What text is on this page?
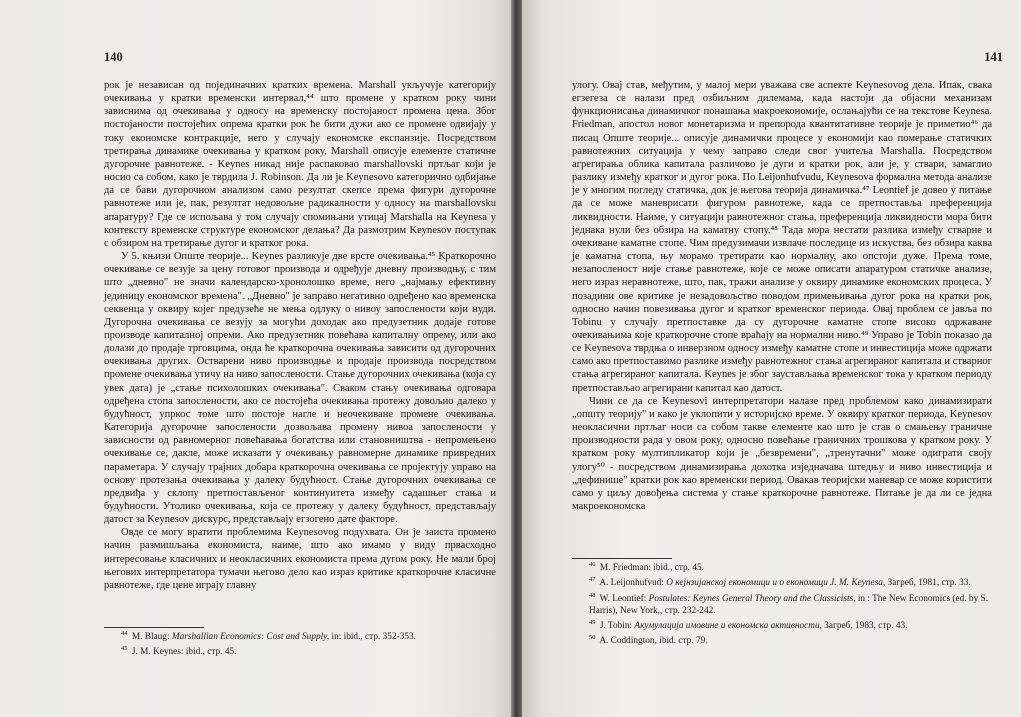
140

рок је независан од појединачних кратких времена. Marshall укључује категорију очекивања у кратки временски интервал,⁴⁴ што промене у кратком року чини зависнима од очекивања у односу на временску постојаност промена цена. Због постојаности постојећих опрема кратки рок ће бити дужи ако се промене одвијају у току економске контракције, него у случају економске експанзије. Посредством третирања динамике очекивања у кратком року, Marshall описује елементе статичне дугорочне равнотеже. - Keynes никад није распаковао marshallovski пртљаг који је носио са собом, како је тврдила J. Robinson. Да ли је Keynesovo категорично одбијање да се бави дугорочном анализом само резултат скепсе према фигури дугорочне равнотеже или је, пак, резултат недовољне радикалности у односу на marshallovsku апаратуру? Где се испољава у том случају спомињани утицај Marshalla на Keynesa у контексту временске структуре економског делања? Да размотрим Keynesov поступак с обзиром на третирање дугог и кратког рока.

У 5. књизи Опште теорије... Keynes разликује две врсте очекивања.⁴⁵ Краткорочно очекивање се везује за цену готовог производа и одређује дневну производњу, с тим што „дневно" не значи календарско-хронолошко време, него „најмању ефективну јединицу економског времена". „Дневно" је заправо негативно одређено као временска секвенца у оквиру којег предузеће не мења одлуку о нивоу запослености који нуди. Дугорочна очекивања се везују за могући доходак ако предузетник додаје готове производе капиталној опреми. Ако предузетник повећава капиталну опрему, или ако долази до продаје трговцима, онда ће краткорочна очекивања зависити од дугорочних очекивања других. Остварени ниво производње и продаје производа посредством промене очекивања утичу на ниво запослености. Стање дугорочних очекивања (која су увек дата) је „стање психолошких очекивања". Сваком стању очекивања одговара одређена стопа запослености, ако се постојећа очекивања протежу довољно далеко у будућност, упркос томе што постоје нагле и неочекиване промене очекивања. Категорија дугорочне запослености дозвољава промену нивоа запослености у зависности од равномерног повећавања богатства или становништва - непромењено очекивање се, дакле, може исказати у очекивању равномерне динамике привредних параметара. У случају трајних добара краткорочна очекивања се пројектују управо на основу протезања очекивања у далеку будућност. Стање дугорочних очекивања се предвиђа у склопу претпостављеног континуитета између садашњег стања и будућности. Утолико очекивања, која се протежу у далеку будућност, представљају датост за Keynesov дискурс, представљају егзогено дате факторе.

Овде се могу вратити проблемима Keynesovog подухвата. Он је заиста промено начин размишљања економиста, наиме, што ако имамо у виду првасходно интересовање класичних и неокласичних економиста према дугом року. Не мали број његових интерпретатора тумачи његово дело као израз критике краткорочне класичне равнотеже, где цене играју главну

$^{44}$ M. Blaug: Marshallian Economics: Cost and Supply, in: ibid., стр. 352-353.

$^{45}$ J. M. Keynes: ibid., стр. 45.

141

улогу. Овај став, међутим, у малој мери уважава све аспекте Keynesovog дела. Ипак, свака егзегеза се налази пред озбиљним дилемама, када настоји да објасни механизам функционисања динамичког понашања макроекономије, ослањајући се на текстове Keynesa. Friedman, апостол новог монетаризма и препорода квантитативне теорије је приметио⁴⁶ да писац Опште теорије... описује динамички процесе у економији као померање статичких равнотежних ситуација у чему заправо следи свог учитеља Marshalla. Посредством агрегирања облика капитала различово је дуги и кратки рок, али је, у ствари, замаглио разлику између кратког и дугог рока. По Leijonhufvudu, Keynesova формална метода анализе је у многим погледу статичка, док је његова теорија динамичка.⁴⁷ Leontief је довео у питање да се може маневрисати фигуром равнотеже, када се претпоставља преференција ликвидности. Наиме, у ситуацији равнотежног стања, преференција ликвидности мора бити једнака нули без обзира на каматну стопу.⁴⁸ Тада мора нестати разлика између стварне и очекиване каматне стопе. Чим предузимачи извлаче последице из искуства, без обзира каква је каматна стопа, њу морамо третирати као нормалну, ако опстоји дуже. Према томе, незапосленост није стање равнотеже, које се може описати апаратуром статичке анализе, него израз неравнотеже, што, пак, тражи анализе у оквиру динамике економских процеса. У позадини ове критике је незадовољство поводом примењивања дугог рока на кратки рок, односно начин повезивања дугог и кратког временског периода. Овај проблем се јавља по Tobinu у случају претпоставке да су дугорочне каматне стопе високо одржаване очекивањима које краткорочне стопе враћају на нормални ниво.⁴⁹ Управо је Tobin показао да се Keynesova тврдња о инверзном односу између каматне стопе и инвестиција може одржати само ако претпоставимо разлике између равнотежног стања агрегираног капитала и стварног стања агрегираног капитала. Keynes је због заустављања временског тока у кратком периоду претпостављао агрегирани капитал као датост.

Чини се да се Keynesovi интерпретатори налазе пред проблемом како динамизирати „општу теорију" и како је уклопити у историјско време. У оквиру кратког периода, Keynesov неокласични пртљаг носи са собом такве елементе као што је став о смањењу граничне производности рада у овом року, односно повећање граничних трошкова у кратком року. У кратком року мултипликатор који је „безвремени", „тренутачни" може одиграти своју улогу⁵⁰ - посредством динамизирања дохотка изједначава штедњу и ниво инвестиција и „дефинише" кратки рок као временски период. Овакав теоријски маневар се може користити само у циљу довођења система у стање краткорочне равнотеже. Питање је да ли се једна макроекономска

$^{46}$ M. Friedman: ibid., стр. 45.

$^{47}$ A. Leijonhufvud: О кејнзијанској економици и о економици J. M. Keynesa, Загреб, 1981, стр. 33.

$^{48}$ W. Leontief: Postulates: Keynes General Theory and the Classicists, in : The New Economics (ed. by S. Harris), New York,, стр. 232-242.

$^{49}$ J. Tobin: Акумулација имовине и економска активности, Загреб, 1983, стр. 43.

$^{50}$ A. Coddington, ibid. стр. 79.
